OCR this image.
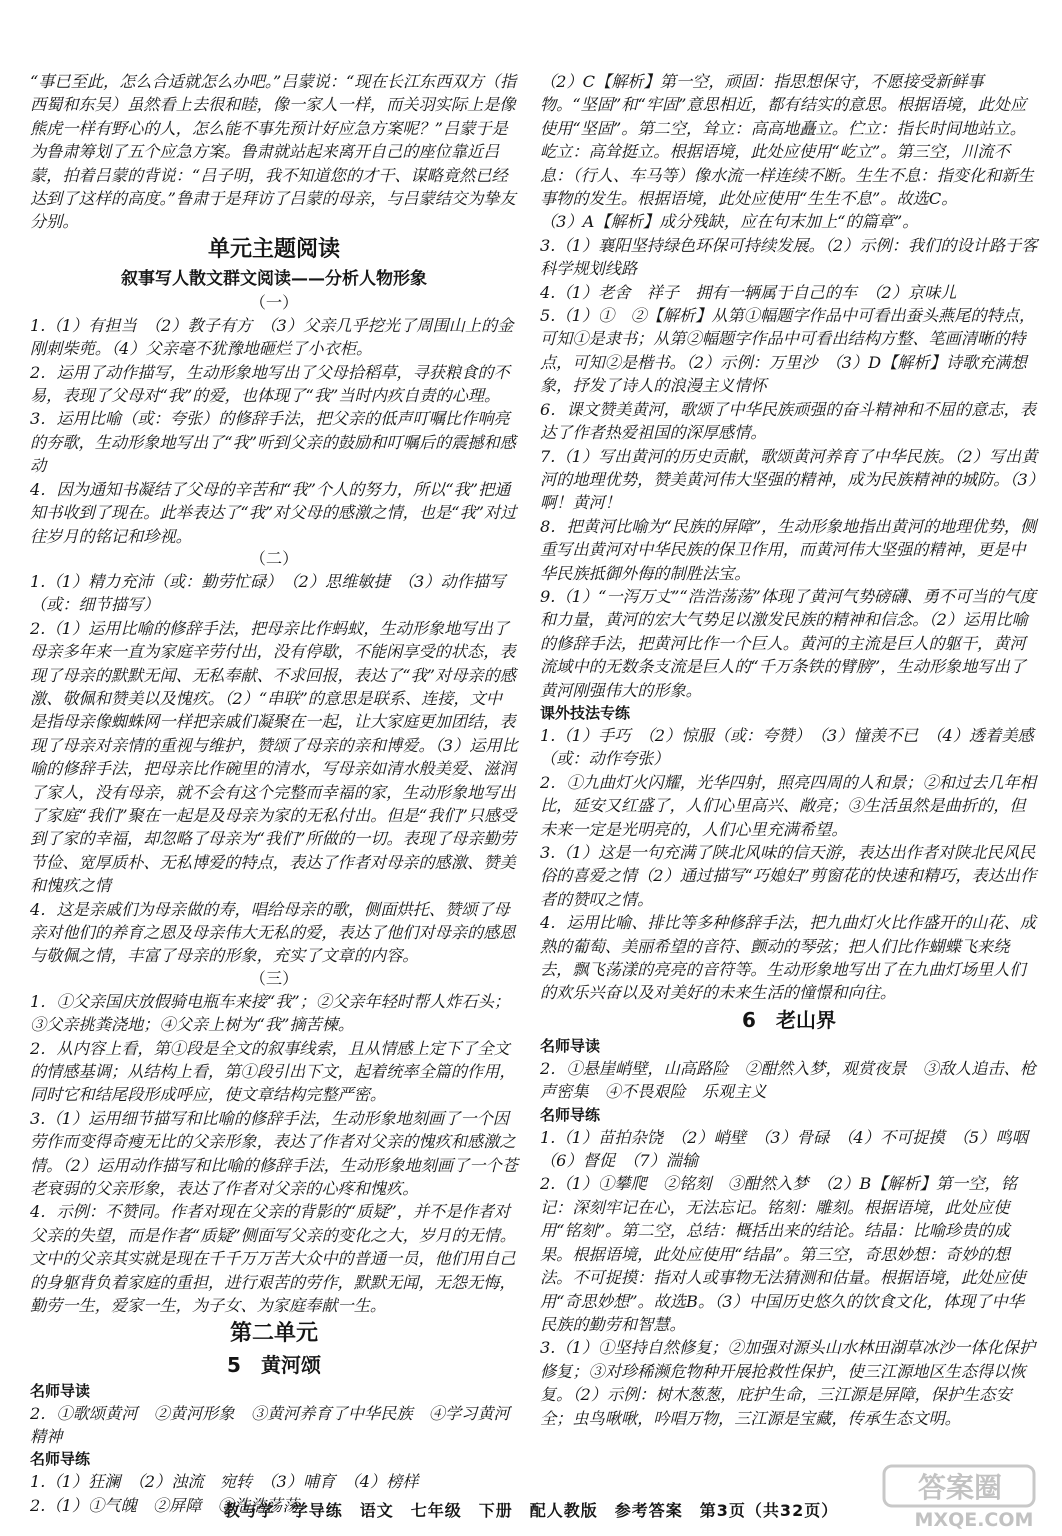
“事已至此，怎么合适就怎么办吧。”吕蒙说：“现在长江东西双方（指西蜀和东吴）虽然看上去很和睦，像一家人一样，而关羽实际上是像熊虎一样有野心的人，怎么能不事先预计好应急方案呢？”吕蒙于是为鲁肃筹划了五个应急方案。鲁肃就站起来离开自己的座位靠近吕蒙，拍着吕蒙的背说：“吕子明，我不知道您的才干、谋略竟然已经达到了这样的高度。”鲁肃于是拜访了吕蒙的母亲，与吕蒙结交为挚友分别。
单元主题阅读
叙事写人散文群文阅读——分析人物形象
（一）
1.（1）有担当　（2）教子有方　（3）父亲几乎挖光了周围山上的金刚刺柴蔸。（4）父亲毫不犹豫地砸烂了小衣柜。
2．运用了动作描写，生动形象地写出了父母拾稻草，寻获粮食的不易，表现了父母对“我”的爱，也体现了“我”当时内疚自责的心理。
3．运用比喻（或：夸张）的修辞手法，把父亲的低声叮嘱比作响亮的夯歌，生动形象地写出了“我”听到父亲的鼓励和叮嘱后的震撼和感动
4．因为通知书凝结了父母的辛苦和“我”个人的努力，所以“我”把通知书收到了现在。此举表达了“我”对父母的感激之情，也是“我”对过往岁月的铭记和珍视。
（二）
1.（1）精力充沛（或：勤劳忙碌）　（2）思维敏捷　（3）动作描写（或：细节描写）
2.（1）运用比喻的修辞手法，把母亲比作蚂蚁，生动形象地写出了母亲多年来一直为家庭辛劳付出，没有停歇，不能闲享受的状态，表现了母亲的默默无闻、无私奉献、不求回报，表达了“我”对母亲的感激、敬佩和赞美以及愧疚。（2）“串联”的意思是联系、连接，文中是指母亲像蜘蛛网一样把亲戚们凝聚在一起，让大家庭更加团结，表现了母亲对亲情的重视与维护，赞颂了母亲的亲和博爱。（3）运用比喻的修辞手法，把母亲比作碗里的清水，写母亲如清水般美爱、滋润了家人，没有母亲，就不会有这个完整而幸福的家，生动形象地写出了家庭“我们”聚在一起是及母亲为家的无私付出。但是“我们”只感受到了家的幸福，却忽略了母亲为“我们”所做的一切。表现了母亲勤劳节俭、宽厚质朴、无私博爱的特点，表达了作者对母亲的感激、赞美和愧疚之情
4．这是亲戚们为母亲做的寿，唱给母亲的歌，侧面烘托、赞颂了母亲对他们的养育之恩及母亲伟大无私的爱，表达了他们对母亲的感恩与敬佩之情，丰富了母亲的形象，充实了文章的内容。
（三）
1．①父亲国庆放假骑电瓶车来接“我”；②父亲年轻时帮人炸石头；③父亲挑粪浇地；④父亲上树为“我”摘苦楝。
2．从内容上看，第①段是全文的叙事线索，且从情感上定下了全文的情感基调；从结构上看，第①段引出下文，起着统率全篇的作用，同时它和结尾段形成呼应，使文章结构完整严密。
3.（1）运用细节描写和比喻的修辞手法，生动形象地刻画了一个因劳作而变得奇瘦无比的父亲形象，表达了作者对父亲的愧疚和感激之情。（2）运用动作描写和比喻的修辞手法，生动形象地刻画了一个苍老衰弱的父亲形象，表达了作者对父亲的心疼和愧疚。
4．示例：不赞同。作者对现在父亲的背影的“质疑”，并不是作者对父亲的失望，而是作者“质疑”侧面写父亲的变化之大，岁月的无情。文中的父亲其实就是现在千千万万苦大众中的普通一员，他们用自己的身躯背负着家庭的重担，进行艰苦的劳作，默默无闻，无怨无悔，勤劳一生，爱家一生，为子女、为家庭奉献一生。
第二单元
5　黄河颂
名师导读
2．①歌颂黄河　②黄河形象　③黄河养育了中华民族　④学习黄河精神
名师导练
1.（1）狂澜　（2）浊流　宛转　（3）哺育　（4）榜样
2.（1）①气魄　②屏障　③浩浩荡荡
（2）C【解析】第一空，顽固：指思想保守，不愿接受新鲜事物。“坚固”和“牢固”意思相近，都有结实的意思。根据语境，此处应使用“坚固”。第二空，耸立：高高地矗立。伫立：指长时间地站立。屹立：高耸挺立。根据语境，此处应使用“屹立”。第三空，川流不息：（行人、车马等）像水流一样连续不断。生生不息：指变化和新生事物的发生。根据语境，此处应使用“生生不息”。故选C。
（3）A【解析】成分残缺，应在句末加上“的篇章”。
3.（1）襄阳坚持绿色环保可持续发展。（2）示例：我们的设计路于客　科学规划线路
4.（1）老舍　祥子　拥有一辆属于自己的车　（2）京味儿
5.（1）①　②【解析】从第①幅题字作品中可看出蚕头燕尾的特点，可知①是隶书；从第②幅题字作品中可看出结构方整、笔画清晰的特点，可知②是楷书。（2）示例：万里沙　（3）D【解析】诗歌充满想象，抒发了诗人的浪漫主义情怀
6．课文赞美黄河，歌颂了中华民族顽强的奋斗精神和不屈的意志，表达了作者热爱祖国的深厚感情。
7.（1）写出黄河的历史贡献，歌颂黄河养育了中华民族。（2）写出黄河的地理优势，赞美黄河伟大坚强的精神，成为民族精神的城防。（3）啊！黄河！
8．把黄河比喻为“民族的屏障”，生动形象地指出黄河的地理优势，侧重写出黄河对中华民族的保卫作用，而黄河伟大坚强的精神，更是中华民族抵御外侮的制胜法宝。
9.（1）“一泻万丈”“浩浩荡荡”体现了黄河气势磅礴、勇不可当的气度和力量，黄河的宏大气势足以激发民族的精神和信念。（2）运用比喻的修辞手法，把黄河比作一个巨人。黄河的主流是巨人的躯干，黄河流域中的无数条支流是巨人的“千万条铁的臂膀”，生动形象地写出了黄河刚强伟大的形象。
课外技法专练
1.（1）手巧　（2）惊服（或：夸赞）　（3）憧羡不已　（4）透着美感（或：动作夸张）
2．①九曲灯火闪耀，光华四射，照亮四周的人和景；②和过去几年相比，延安又红盛了，人们心里高兴、敞亮；③生活虽然是曲折的，但未来一定是光明亮的，人们心里充满希望。
3.（1）这是一句充满了陕北风味的信天游，表达出作者对陕北民风民俗的喜爱之情（2）通过描写“巧媳妇”剪窗花的快速和精巧，表达出作者的赞叹之情。
4．运用比喻、排比等多种修辞手法，把九曲灯火比作盛开的山花、成熟的葡萄、美丽希望的音符、颤动的琴弦；把人们比作蝴蝶飞来绕去，飘飞荡漾的亮亮的音符等。生动形象地写出了在九曲灯场里人们的欢乐兴奋以及对美好的未来生活的憧憬和向往。
6　老山界
名师导读
2．①悬崖峭壁，山高路险　②酣然入梦，观赏夜景　③敌人追击、枪声密集　④不畏艰险　乐观主义
名师导练
1.（1）苗拍杂饶　（2）峭壁　（3）骨碌　（4）不可捉摸　（5）鸣咽　（6）督促　（7）湍输
2.（1）①攀爬　②铭刻　③酣然入梦　（2）B【解析】第一空，铭记：深刻牢记在心，无法忘记。铭刻：雕刻。根据语境，此处应使用“铭刻”。第二空，总结：概括出来的结论。结晶：比喻珍贵的成果。根据语境，此处应使用“结晶”。第三空，奇思妙想：奇妙的想法。不可捉摸：指对人或事物无法猜测和估量。根据语境，此处应使用“奇思妙想”。故选B。（3）中国历史悠久的饮食文化，体现了中华民族的勤劳和智慧。
3.（1）①坚持自然修复；②加强对源头山水林田湖草冰沙一体化保护修复；③对珍稀濒危物种开展抢救性保护，使三江源地区生态得以恢复。（2）示例：树木葱葱，庇护生命，三江源是屏障，保护生态安全；虫鸟啾啾，吟唱万物，三江源是宝藏，传承生态文明。
教与学　学导练　语文　七年级　下册　配人教版　参考答案　第3页（共32页）
答案圈
MXQE.COM
